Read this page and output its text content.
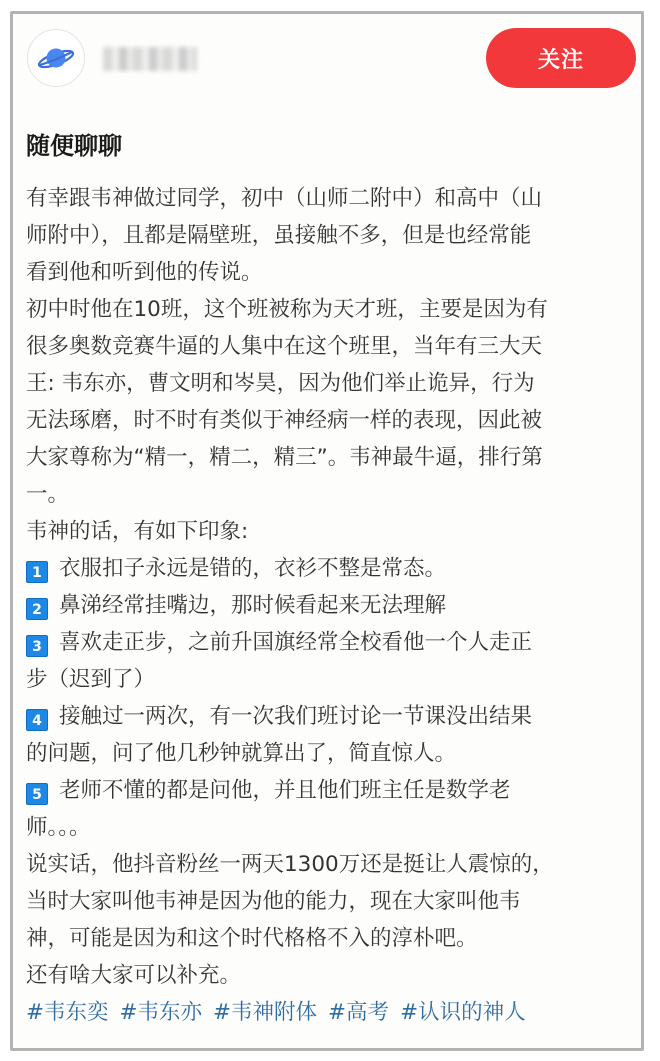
关注
随便聊聊
有幸跟韦神做过同学，初中（山师二附中）和高中（山
师附中），且都是隔壁班，虽接触不多，但是也经常能
看到他和听到他的传说。
初中时他在10班，这个班被称为天才班，主要是因为有
很多奥数竞赛牛逼的人集中在这个班里，当年有三大天
王: 韦东亦，曹文明和岑昊，因为他们举止诡异，行为
无法琢磨，时不时有类似于神经病一样的表现，因此被
大家尊称为“精一，精二，精三”。韦神最牛逼，排行第
一。
韦神的话，有如下印象:
1 衣服扣子永远是错的，衣衫不整是常态。
2 鼻涕经常挂嘴边，那时候看起来无法理解
3 喜欢走正步，之前升国旗经常全校看他一个人走正
步（迟到了）
4 接触过一两次，有一次我们班讨论一节课没出结果
的问题，问了他几秒钟就算出了，简直惊人。
5 老师不懂的都是问他，并且他们班主任是数学老
师。。。
说实话，他抖音粉丝一两天1300万还是挺让人震惊的，
当时大家叫他韦神是因为他的能力，现在大家叫他韦
神，可能是因为和这个时代格格不入的淳朴吧。
还有啥大家可以补充。
#韦东奕 #韦东亦 #韦神附体 #高考 #认识的神人
